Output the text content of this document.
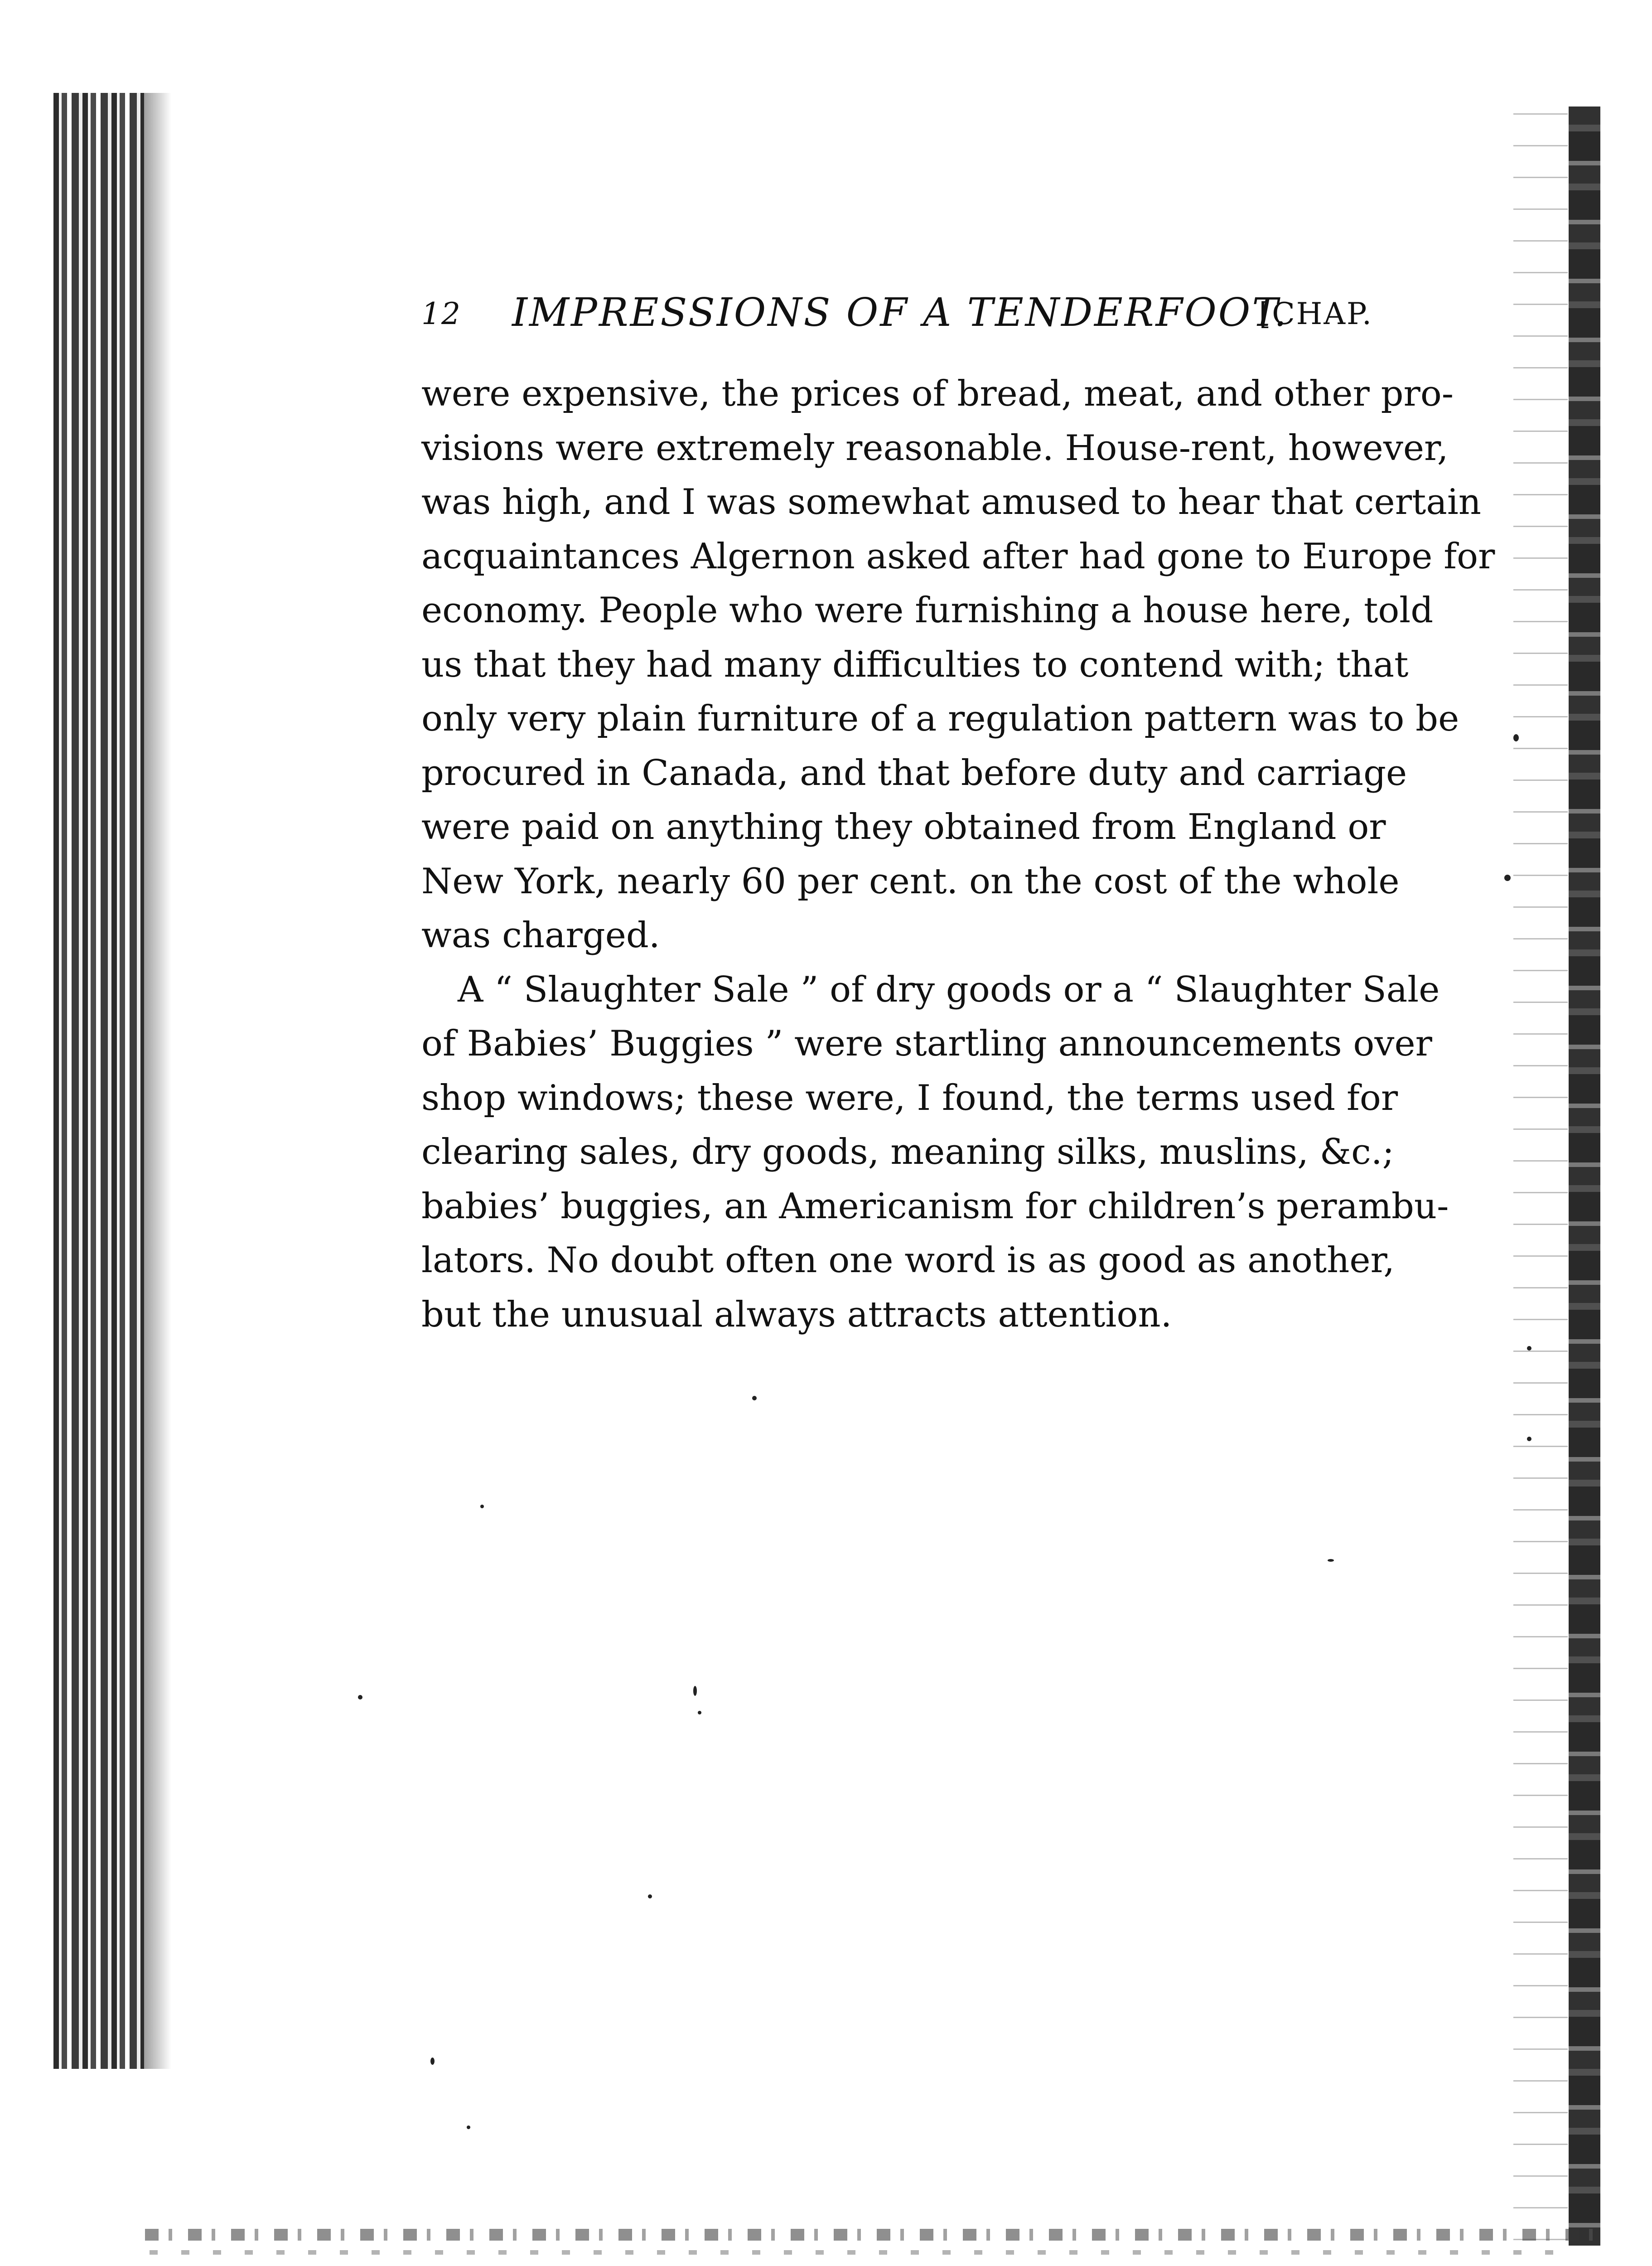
12 IMPRESSIONS OF A TENDERFOOT.
[CHAP.
were expensive, the prices of bread, meat, and other pro-
visions were extremely reasonable. House-rent, however,
was high, and I was somewhat amused to hear that certain
acquaintances Algernon asked after had gone to Europe for
economy. People who were furnishing a house here, told
us that they had many difficulties to contend with; that
only very plain furniture of a regulation pattern was to be
procured in Canada, and that before duty and carriage
were paid on anything they obtained from England or
New York, nearly 60 per cent. on the cost of the whole
was charged.
A “ Slaughter Sale ” of dry goods or a “ Slaughter Sale
of Babies’ Buggies ” were startling announcements over
shop windows; these were, I found, the terms used for
clearing sales, dry goods, meaning silks, muslins, &c.;
babies’ buggies, an Americanism for children’s perambu-
lators. No doubt often one word is as good as another,
but the unusual always attracts attention.
